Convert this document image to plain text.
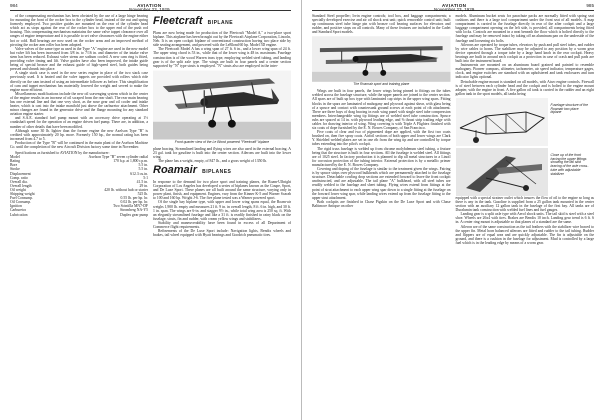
984	AVIATION
November 23, 1929

of the compensating mechanism has been obviated by the use of a large hinge bearing for mounting the front of the rocker box to the cylinder head, instead of the nut and spring formerly employed. Two positive guides are mounted on the rear of the cylinder head which act as stops against the rear of the rocker box to the upper end of the push rod housing. This compensating mechanism maintains the same valve tappet clearance over all ranges of engine temperature and it is possible to set valve clearances with the engine either hot or cold. Ball bearings are now used on the rocker arms and an improved method of pivoting the rocker arm roller has been adopted.

Valve valves of the same type as used in the Type "A" engine are used in the new model but valve lift has been increased from 3/8 in. to 7/16 in. and diameter of the intake valve stem has been reduced. Exhaust valve stems are sodium cooled. A new cam ring is fitted, providing valve timing and lift. Valve guides have also been improved, the intake guide being of special bronze and the exhaust guide of high-speed steel, both guides being pressed and shrunk into place.

A single stack case is used in the new series engine in place of the two stack case previously used. It is heated and the valve tappets are provided with rollers which ride directly on the cam instead of using an intermediate follower as before. This simplification of cam and tappet mechanism has materially lowered the weight and served to make the engine more efficient.

Miscellaneous modifications include the new oil scavenging system which in the center of the engine results in an increase of oil scraped from the rear shaft. The rear main bearing has one external line and that one very short, as the nose gear and oil cooler and intake heater, which is cast into the intake manifold just above the carburetor attachment. Other minor changes are found in the generator drive and the flange mounting for any standard aviation engine starter.

and S.A.E. standard fuel pump mount with an accessory drive operating at 1½ crankshaft speed for the operation of an engine driven fuel pump. There are, in addition, a number of other details that have been modified.

Although some 30 lb. lighter than the former engine the new Axelson Type "B" is credited with approximately 20 hp. more. Formerly 150 hp., the normal rating has been increased from 4.7 to 5.

Production of the Type "B" will be continued in the main plant of the Axelson Machine Co. until the completion of the new Aircraft Division factory some time in November.

Specifications as furnished to AVIATION by the manufacturer:
Model	Axelson Type "B" seven cylinder radial
Rating	170 h.p. at 1,800 r.p.m.
Bore	5.5 in.
Stroke	5.5 in.
Displacement	612.3 cu.in.
Comp. ratio	5:1
Overall dia.	41.5 in.
Overall length	29 in.
Oil weight	420 lb. without hub or starter
Shipping weight	525 lb.
Fuel Consump.	0.55 lb. per hp. hr.
Oil Consump.	0.02 lb. per hp. hr.
Ignition	Two Scintilla MN7-DF
Carburetor	Stromberg NA-Y5
Lubrication	Duplex gear pump
Fleetcraft BIPLANE

Plans are now being made for production of the Fleetcraft "Model A," a two-place sport biplane. This airplane has been brought out by the Fleetcraft Airplane Corporation, Lincoln, Neb. It is an open cockpit biplane of conventional construction having two place side by side seating arrangement, and powered with the LeBlond 60 hp. Model 5D engine.

The Fleetcraft Model A has a wing span of 27 ft. 6 in., and a lower wing span of 24 ft. The upper wing chord is 53 in., while that of the lower wing is 48 in. maximum. Fuselage construction is of the wood Warren truss type, employing welded steel tubing, and landing gear is of the split axle type. The wings are built in four panels and a center section supported by "N" type struts is employed. "N" struts also are employed in the inter-

Front quarter view of the Le Blond powered "Fleetcraft" biplane

plane bracing. Streamlined landing and flying wires are also used in the external bracing. A 23 gal. tank for gasoline is built into the center section. Ailerons are built into the lower wing.

The plane has a weight, empty, of 847 lb., and a gross weight of 1350 lb.

Roamair BIPLANES

In response to the demand for two place sport and training planes, the Roam-Ulbright Corporation of Los Angeles has developed a series of biplanes known as the Coupe, Sport, and De Luxe Sport. These planes are all built around the same structure, varying only in power plant, finish, and equipment. Engines, vary from the Kinner K-5 and Warner Scarab to 100 and 160 hp. Wright J-6. The five plane tested was a Warner powered sport.

Of the single bay biplane type, with upper and lower wing spans equal, the Roam-air weighs 1,900 lb. empty and measures 21 ft. 9 in. in overall length, 8 ft. 6 in. high, and 30 ft. 1 in. span. The wings are 6-in. and stagger 9½ in., while total wing area is 250 sq. ft. With an elegantly streamlined fuselage and like a 31 ft. is readily finished in rainy black on the fuselage, struts, fin and rudder, with cream yellow wings and stabilizers.

Stability and maneuverability have been found in excess of all Department of Commerce flight requirements.

Refinements of the De Luxe Sport include: Navigation lights, Bendix wheels and brakes, tail wheel equipped with Hyatt bearings and Goodrich pneumatic tires.

AVIATION
November 23, 1929
985

Standard Steel propeller; Irvin engine controls; tool box, and baggage compartments; a specially developed exercise and air oil shock seat unit; quick removable control unit; built up continuous steel tube hinge pin with bronze coil bearing surfaces for elevators and rudder, and positive stops on all controls. Many of these features are included in the Cadet and Standard Sport models.

The Roamair sport and training plane

Wings are built in four panels, the lower wings being pinned to fittings on the tubes welded across the fuselage structure, while the upper panels are joined to the center section. All spars are of built up box type with laminated cap strips in the upper wing spars. Fitting blocks in the spars are laminated of mahogany and plywood against shear, with glass being of a spruce and contact with countersunk ground screws at each point of rib attachment. There are three bays of drag bracing in each wing panel with single steel tube compression members. Interchangeable wing tip fittings are of welded steel tube construction. Spruce rubs are spaced at 14 in. with plywood leading edge, and ⅜ thrust strip trailing edge with cables for drawing interior of wing. Wing covering is with Triple A Flightex finished with six coats of dope furnished by the E. N. Bowes Company, of San Francisco.

Five coats of clear and two of pigmented dope are applied, with the first two coats brushed on, then five spray coats. Airfoil sections of both upper and lower wings are Clark Y. Shielded welded plates are set in one rib from the wing tip and are controlled by torque tubes extending into the pilot's cockpit.

The rigid truss fuselage is welded up from chrome molybdenum steel tubing, a feature being that the structure is built in four sections. All the fuselage is welded steel. All fittings are of 1025 steel. In factory production it is planned to dip all metal structures in a Linoil for corrosion protection of the tubing interior. External protection is by a metallic primer manufactured by the E. N. Bowes Company.

Covering and doping of the fuselage is similar to the treatment given the wings. Fairing is by spruce strips over plywood bulkheads which are permanently attached to the fuselage structure. Detachable cowling drop sections are extended forward to leave the front cockpit unobstructed, and are adjustable. The tail plane "A" bulkhead, with all steel tubes are readily welded to the fuselage and sheet tubing. Flying wires extend from fittings at the point of strut attachment to each upper wing spar down to a single fitting at the fuselage on the forward lower wing spar, while landing wires extend up from the fuselage fitting to the upper strut attachment.

Both cockpits are finished in Chase Pigskin on the De Luxe Sport and with Chase Baltimore Antique on other

models. Aluminum bucket seats for parachute packs are normally fitted with spring seat cushions and there is a large tool compartment under the front seat of all models. A map compartment is carried in the fuselage directly in rear of the after cockpit and a large baggage compartment opening on the left side, is provided, all compartments being fitted with locks. Controls are mounted in a neat beneath the floor which is bolted directly to the fuselage and may be removed intact by taking off an aluminum pan on the underside of the fuselage and loosening six bolts.

Ailerons are operated by torque tubes, elevators by push and pull steel tubes, and rudder by wire cables to horns. The stabilizer may be adjusted to any position by a worm gear device operated through a torque tube by a large hand knob in the rear cockpit. Heavy bearings are built in around each cockpit as a protection in case of crash and pull pads are built into the instrument board.

Instruments are mounted on an aluminum board grained and painted to resemble mahogany. Pioneer compass, altimeter, tachometer, air speed indicator, temperature gages, clock, and engine switches are standard with an upholstered and tank enclosures and turn indicator lights optional.

Detachable engine mount is standard on all models, with Atwo engine controls. Firewall is of steel between each cylinder head and the cockpit and is bolted to the engine mount adapter, with the engine in front. A five gallon oil tank is carried in the rudder and an eight gallon tank in the sport models, all tanks being

Fuselage structure of the Roamair two place biplane
Close up of the front having the upper fittings showing the tail skid bracing of the axle cross-tube with adjustable stabilizer

equipped with a special strainer outlet which insures the flow of oil to the engine so long as there is any in the tank. Gasoline is supplied from a 25 gallon tank mounted in the center section with an auxiliary 12 gallon tank in the fuselage of the first bay. All tanks are of Duralumin tank construction with welded fuel lines and fuel gauges.

Landing gear is a split axle type with Aerol shock units. The tail skid is steel with a steel shoe. Wheels are 26x4 with tires. Brakes are Bendix 10 inch. Landing gear trend is 6 ft. 6 in. A center ring mount is adjustable so that planes of a standard are the same.

Aileron are of the same construction as the tail feathers with the stabilizer wire braced to the upper fin. Metal horn balanced ailerons are fitted and rudder to the tail tubing. Rudder and flippers are of equal area and are quickly adjustable. The fin is adjustable on the ground, and there is a cushion in the fuselage for adjustment. Mud is controlled by a large fuel which is in the leading edge by means of a worm gear.
